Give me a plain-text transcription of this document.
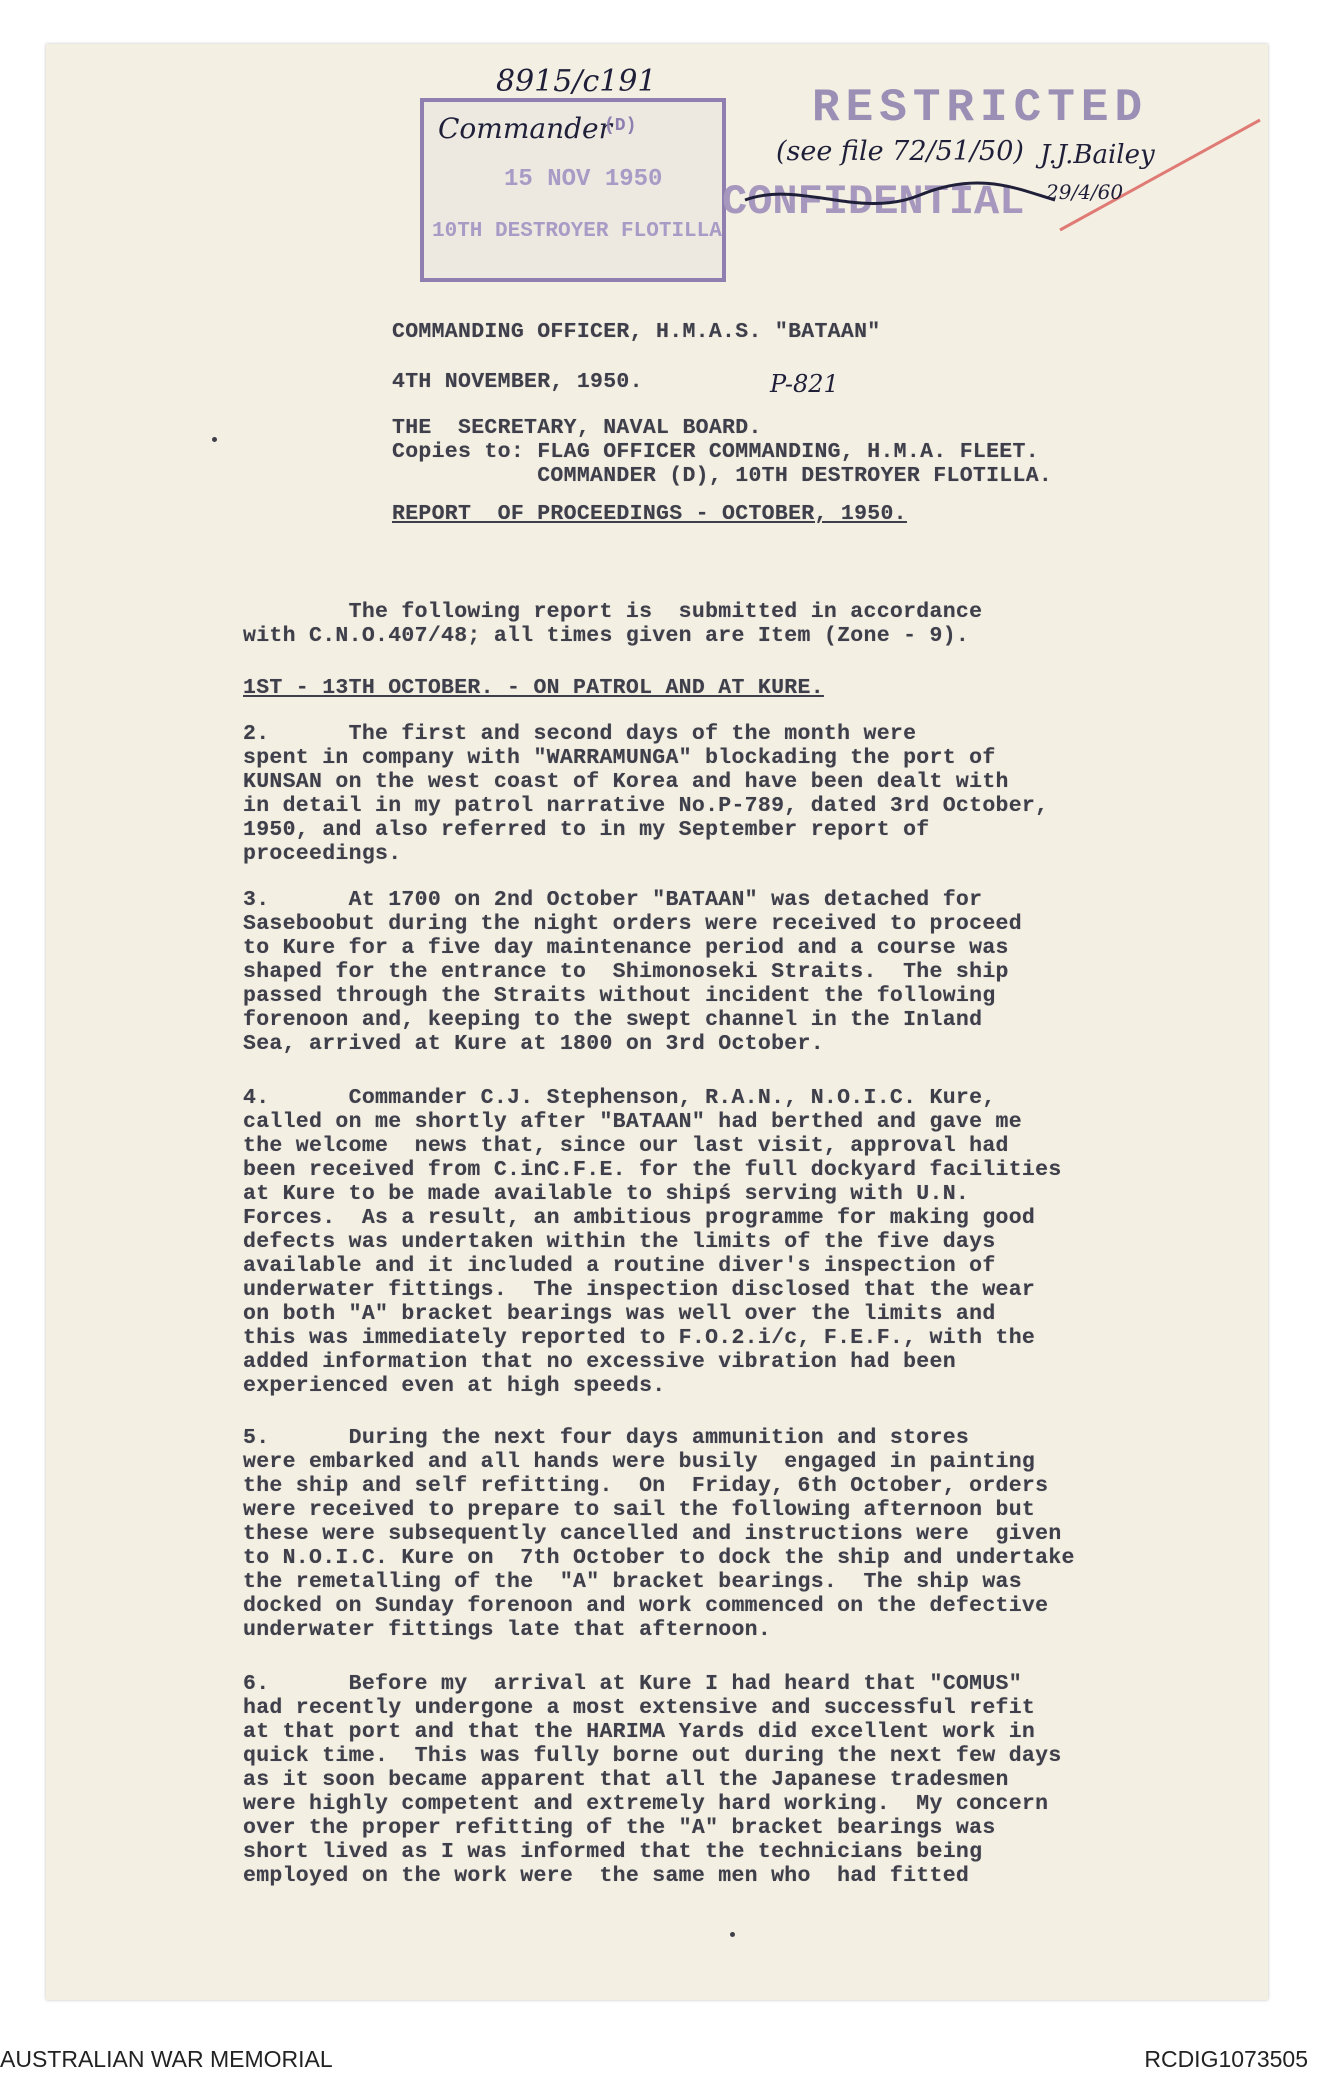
8915/c191
Commander
(D)
15 NOV 1950
10TH DESTROYER FLOTILLA
RESTRICTED
CONFIDENTIAL
(see file 72/51/50) J.J.Bailey
29/4/60
COMMANDING OFFICER, H.M.A.S. "BATAAN"
4TH NOVEMBER, 1950.	P-821
THE  SECRETARY, NAVAL BOARD.
Copies to: FLAG OFFICER COMMANDING, H.M.A. FLEET.
COMMANDER (D), 10TH DESTROYER FLOTILLA.
REPORT  OF PROCEEDINGS - OCTOBER, 1950.
The following report is  submitted in accordance
with C.N.O.407/48; all times given are Item (Zone - 9).
1ST - 13TH OCTOBER. - ON PATROL AND AT KURE.
2.      The first and second days of the month were
spent in company with "WARRAMUNGA" blockading the port of
KUNSAN on the west coast of Korea and have been dealt with
in detail in my patrol narrative No.P-789, dated 3rd October,
1950, and also referred to in my September report of
proceedings.
3.      At 1700 on 2nd October "BATAAN" was detached for
Saseboobut during the night orders were received to proceed
to Kure for a five day maintenance period and a course was
shaped for the entrance to  Shimonoseki Straits.  The ship
passed through the Straits without incident the following
forenoon and, keeping to the swept channel in the Inland
Sea, arrived at Kure at 1800 on 3rd October.
4.      Commander C.J. Stephenson, R.A.N., N.O.I.C. Kure,
called on me shortly after "BATAAN" had berthed and gave me
the welcome  news that, since our last visit, approval had
been received from C.inC.F.E. for the full dockyard facilities
at Kure to be made available to shipś serving with U.N.
Forces.  As a result, an ambitious programme for making good
defects was undertaken within the limits of the five days
available and it included a routine diver's inspection of
underwater fittings.  The inspection disclosed that the wear
on both "A" bracket bearings was well over the limits and
this was immediately reported to F.O.2.i/c, F.E.F., with the
added information that no excessive vibration had been
experienced even at high speeds.
5.      During the next four days ammunition and stores
were embarked and all hands were busily  engaged in painting
the ship and self refitting.  On  Friday, 6th October, orders
were received to prepare to sail the following afternoon but
these were subsequently cancelled and instructions were  given
to N.O.I.C. Kure on  7th October to dock the ship and undertake
the remetalling of the  "A" bracket bearings.  The ship was
docked on Sunday forenoon and work commenced on the defective
underwater fittings late that afternoon.
6.      Before my  arrival at Kure I had heard that "COMUS"
had recently undergone a most extensive and successful refit
at that port and that the HARIMA Yards did excellent work in
quick time.  This was fully borne out during the next few days
as it soon became apparent that all the Japanese tradesmen
were highly competent and extremely hard working.  My concern
over the proper refitting of the "A" bracket bearings was
short lived as I was informed that the technicians being
employed on the work were  the same men who  had fitted
AUSTRALIAN WAR MEMORIAL	RCDIG1073505
